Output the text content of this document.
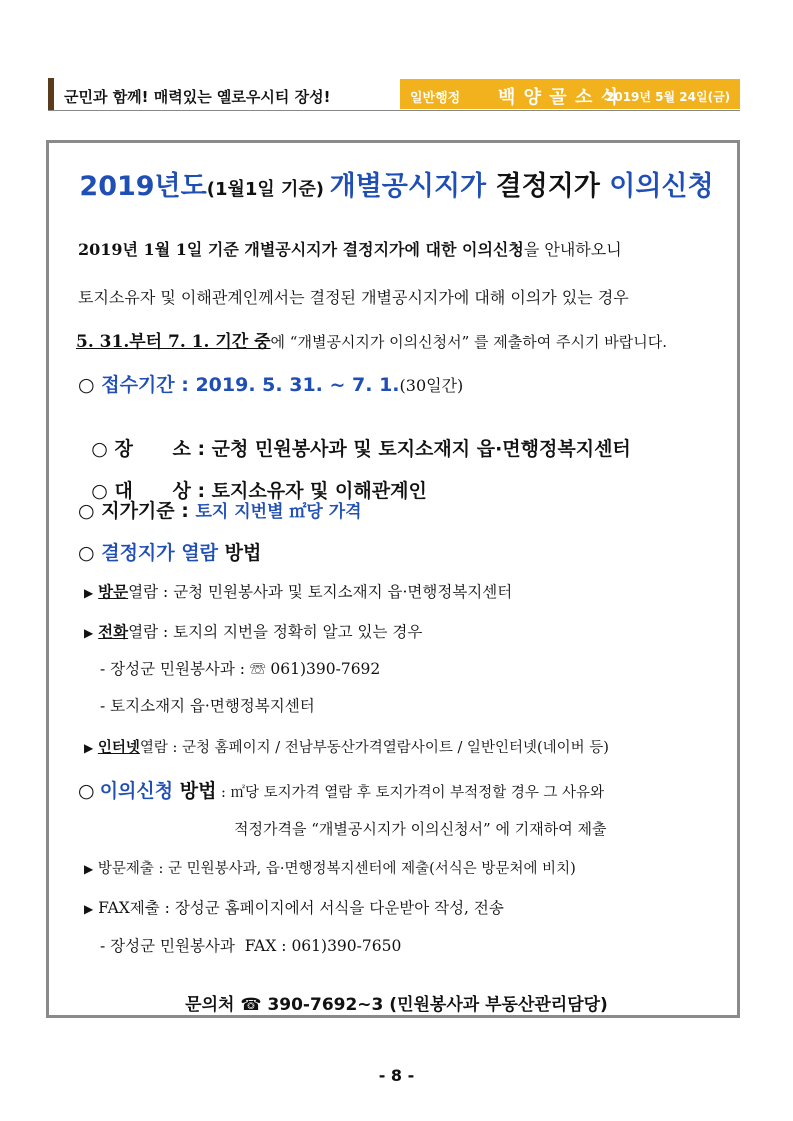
군민과 함께! 매력있는 옐로우시티 장성!	일반행정 백 양 골 소 식
2019년 5월 24일(금)
2019년도(1월1일 기준) 개별공시지가 결정지가 이의신청
2019년 1월 1일 기준 개별공시지가 결정지가에 대한 이의신청을 안내하오니
토지소유자 및 이해관계인께서는 결정된 개별공시지가에 대해 이의가 있는 경우
5. 31.부터 7. 1. 기간 중에 “개별공시지가 이의신청서” 를 제출하여 주시기 바랍니다.
○ 접수기간 : 2019. 5. 31. ~ 7. 1.(30일간)

○ 장      소 : 군청 민원봉사과 및 토지소재지 읍·면행정복지센터

○ 대      상 : 토지소유자 및 이해관계인

○ 지가기준 : 토지 지번별 ㎡당 가격
○ 결정지가 열람 방법
▶ 방문열람 : 군청 민원봉사과 및 토지소재지 읍·면행정복지센터
▶ 전화열람 : 토지의 지번을 정확히 알고 있는 경우
- 장성군 민원봉사과 : ☏ 061)390-7692
- 토지소재지 읍·면행정복지센터
▶ 인터넷열람 : 군청 홈페이지 / 전남부동산가격열람사이트 / 일반인터넷(네이버 등)
○ 이의신청 방법 : ㎡당 토지가격 열람 후 토지가격이 부적정할 경우 그 사유와
적정가격을 “개별공시지가 이의신청서” 에 기재하여 제출
▶ 방문제출 : 군 민원봉사과, 읍·면행정복지센터에 제출(서식은 방문처에 비치)
▶ FAX제출 : 장성군 홈페이지에서 서식을 다운받아 작성, 전송
- 장성군 민원봉사과  FAX : 061)390-7650
문의처 ☎ 390-7692~3 (민원봉사과 부동산관리담당)
- 8 -
